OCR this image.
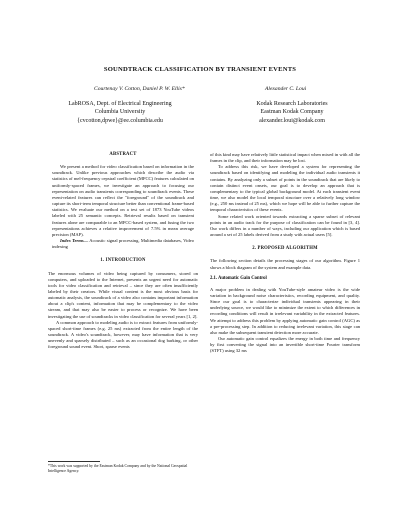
SOUNDTRACK CLASSIFICATION BY TRANSIENT EVENTS
Courtenay V. Cotton, Daniel P. W. Ellis*	Alexander C. Loui
LabROSA, Dept. of Electrical Engineering
Columbia University
{cvcotton,dpwe}@ee.columbia.edu
Kodak Research Laboratories
Eastman Kodak Company
alexander.loui@kodak.com
ABSTRACT

We present a method for video classification based on information in the soundtrack. Unlike previous approaches which describe the audio via statistics of mel-frequency cepstral coefficient (MFCC) features calculated on uniformly-spaced frames, we investigate an approach to focusing our representation on audio transients corresponding to soundtrack events. These event-related features can reflect the "foreground" of the soundtrack and capture its short-term temporal structure better than conventional frame-based statistics. We evaluate our method on a test set of 1873 YouTube videos labeled with 25 semantic concepts. Retrieval results based on transient features alone are comparable to an MFCC-based system, and fusing the two representations achieves a relative improvement of 7.5% in mean average precision (MAP).

Index Terms— Acoustic signal processing, Multimedia databases, Video indexing

1. INTRODUCTION

The enormous volumes of video being captured by consumers, stored on computers, and uploaded to the Internet, presents an urgent need for automatic tools for video classification and retrieval – since they are often insufficiently labeled by their creators. While visual content is the most obvious basis for automatic analysis, the soundtrack of a video also contains important information about a clip's content, information that may be complementary to the video stream, and that may also be easier to process or recognize. We have been investigating the use of soundtracks in video classification for several years [1, 2].

A common approach to modeling audio is to extract features from uniformly-spaced short-time frames (e.g. 25 ms) extracted from the entire length of the soundtrack. A video's soundtrack, however, may have information that is very unevenly and sparsely distributed – such as an occasional dog barking, or other foreground sound event. Short, sparse events

*This work was supported by the Eastman Kodak Company and by the National Geospatial Intelligence Agency.

of this kind may have relatively little statistical impact when mixed in with all the frames in the clip, and their information may be lost.

To address this risk, we have developed a system for representing the soundtrack based on identifying and modeling the individual audio transients it contains. By analyzing only a subset of points in the soundtrack that are likely to contain distinct event onsets, our goal is to develop an approach that is complementary to the typical global background model. At each transient event time, we also model the local temporal structure over a relatively long window (e.g., 250 ms instead of 25 ms), which we hope will be able to further capture the temporal characteristics of these events.

Some related work oriented towards extracting a sparse subset of relevant points in an audio track for the purpose of classification can be found in [3, 4]. Our work differs in a number of ways, including our application which is based around a set of 25 labels derived from a study with actual users [5].

2. PROPOSED ALGORITHM

The following section details the processing stages of our algorithm. Figure 1 shows a block diagram of the system and example data.

2.1. Automatic Gain Control

A major problem in dealing with YouTube-style amateur video is the wide variation in background noise characteristics, recording equipment, and quality. Since our goal is to characterize individual transients appearing in their underlying source, we would like to minimize the extent to which differences in recording conditions will result in irrelevant variability in the extracted features. We attempt to address this problem by applying automatic gain control (AGC) as a pre-processing step. In addition to reducing irrelevant variation, this stage can also make the subsequent transient detection more accurate.

Our automatic gain control equalizes the energy in both time and frequency by first converting the signal into an invertible short-time Fourier transform (STFT) using 32 ms
